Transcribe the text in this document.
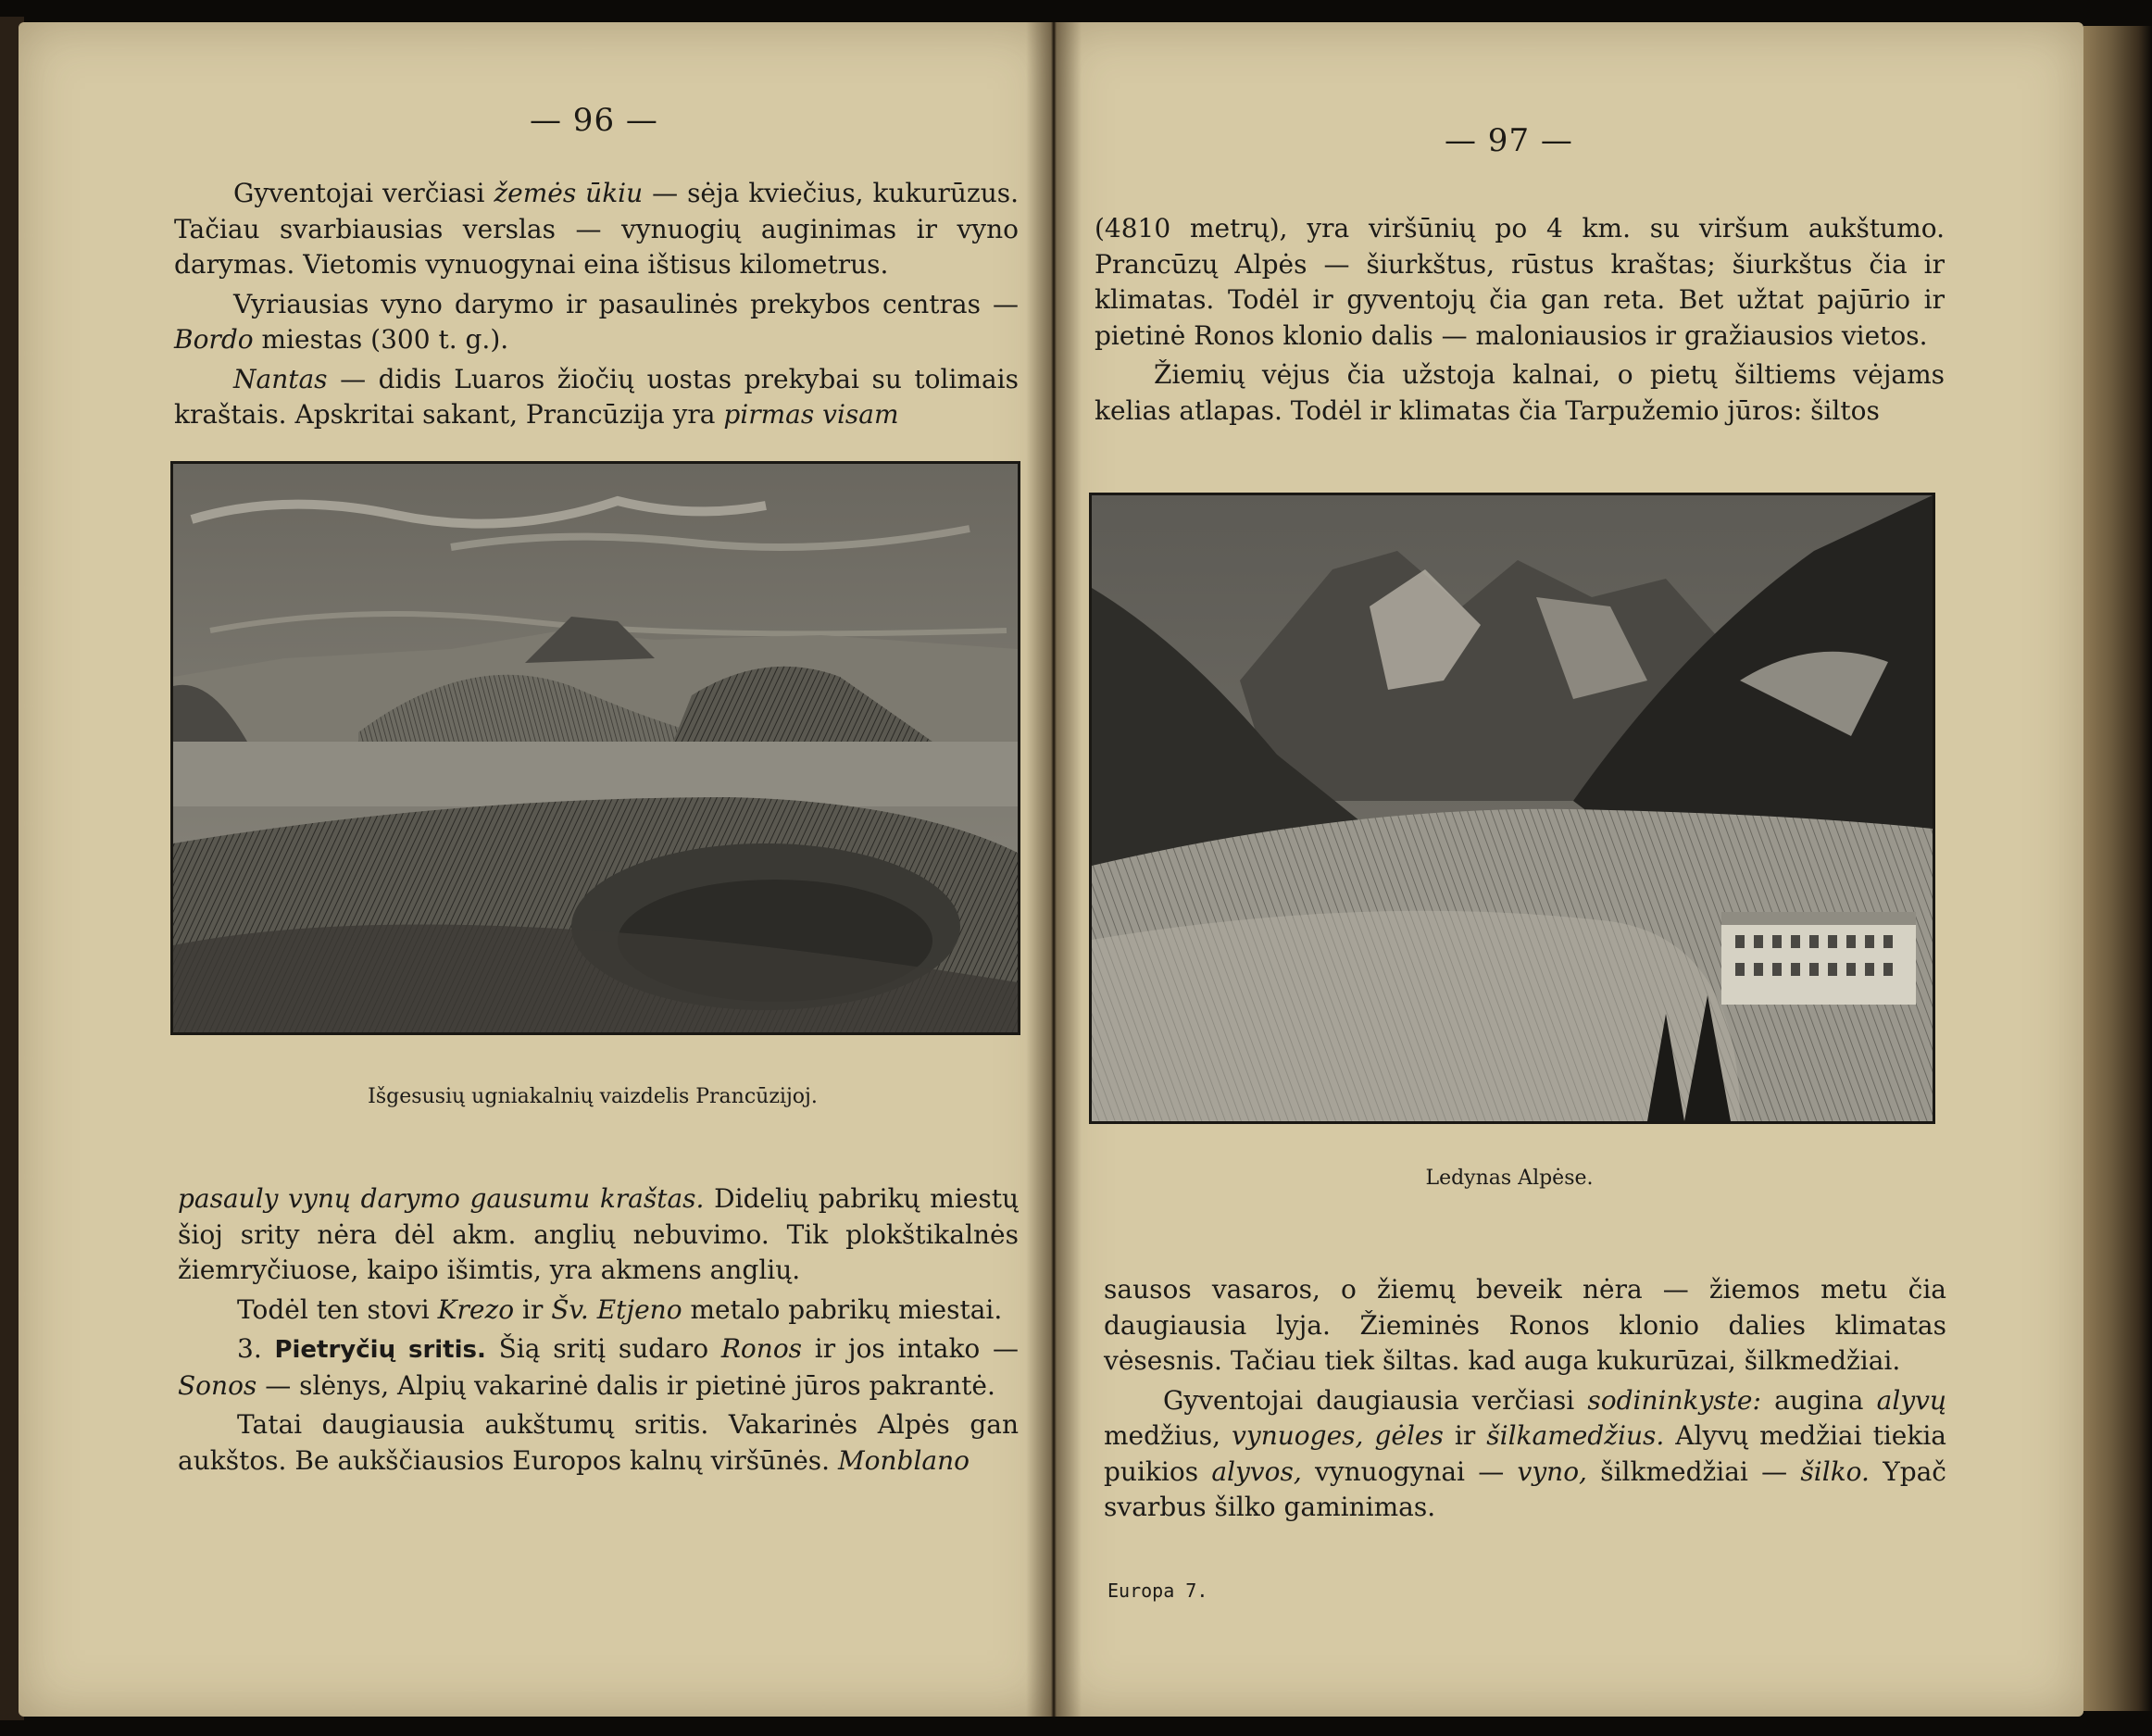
— 96 —

Gyventojai verčiasi žemės ūkiu — sėja kviečius, kukurūzus. Tačiau svarbiausias verslas — vynuogių auginimas ir vyno darymas. Vietomis vynuogynai eina ištisus kilometrus.

Vyriausias vyno darymo ir pasaulinės prekybos centras — Bordo miestas (300 t. g.).

Nantas — didis Luaros žiočių uostas prekybai su tolimais kraštais. Apskritai sakant, Prancūzija yra pirmas visam

Išgesusių ugniakalnių vaizdelis Prancūzijoj.

pasauly vynų darymo gausumu kraštas. Didelių pabrikų miestų šioj srity nėra dėl akm. anglių nebuvimo. Tik plokštikalnės žiemryčiuose, kaipo išimtis, yra akmens anglių.

Todėl ten stovi Krezo ir Šv. Etjeno metalo pabrikų miestai.

3. Pietryčių sritis. Šią sritį sudaro Ronos ir jos intako — Sonos — slėnys, Alpių vakarinė dalis ir pietinė jūros pakrantė.

Tatai daugiausia aukštumų sritis. Vakarinės Alpės gan aukštos. Be aukščiausios Europos kalnų viršūnės. Monblano

— 97 —

(4810 metrų), yra viršūnių po 4 km. su viršum aukštumo. Prancūzų Alpės — šiurkštus, rūstus kraštas; šiurkštus čia ir klimatas. Todėl ir gyventojų čia gan reta. Bet užtat pajūrio ir pietinė Ronos klonio dalis — maloniausios ir gražiausios vietos.

Žiemių vėjus čia užstoja kalnai, o pietų šiltiems vėjams kelias atlapas. Todėl ir klimatas čia Tarpužemio jūros: šiltos

Ledynas Alpėse.

sausos vasaros, o žiemų beveik nėra — žiemos metu čia daugiausia lyja. Žieminės Ronos klonio dalies klimatas vėsesnis. Tačiau tiek šiltas. kad auga kukurūzai, šilkmedžiai.

Gyventojai daugiausia verčiasi sodininkyste: augina alyvų medžius, vynuoges, gėles ir šilkamedžius. Alyvų medžiai tiekia puikios alyvos, vynuogynai — vyno, šilkmedžiai — šilko. Ypač svarbus šilko gaminimas.

Europa 7.
